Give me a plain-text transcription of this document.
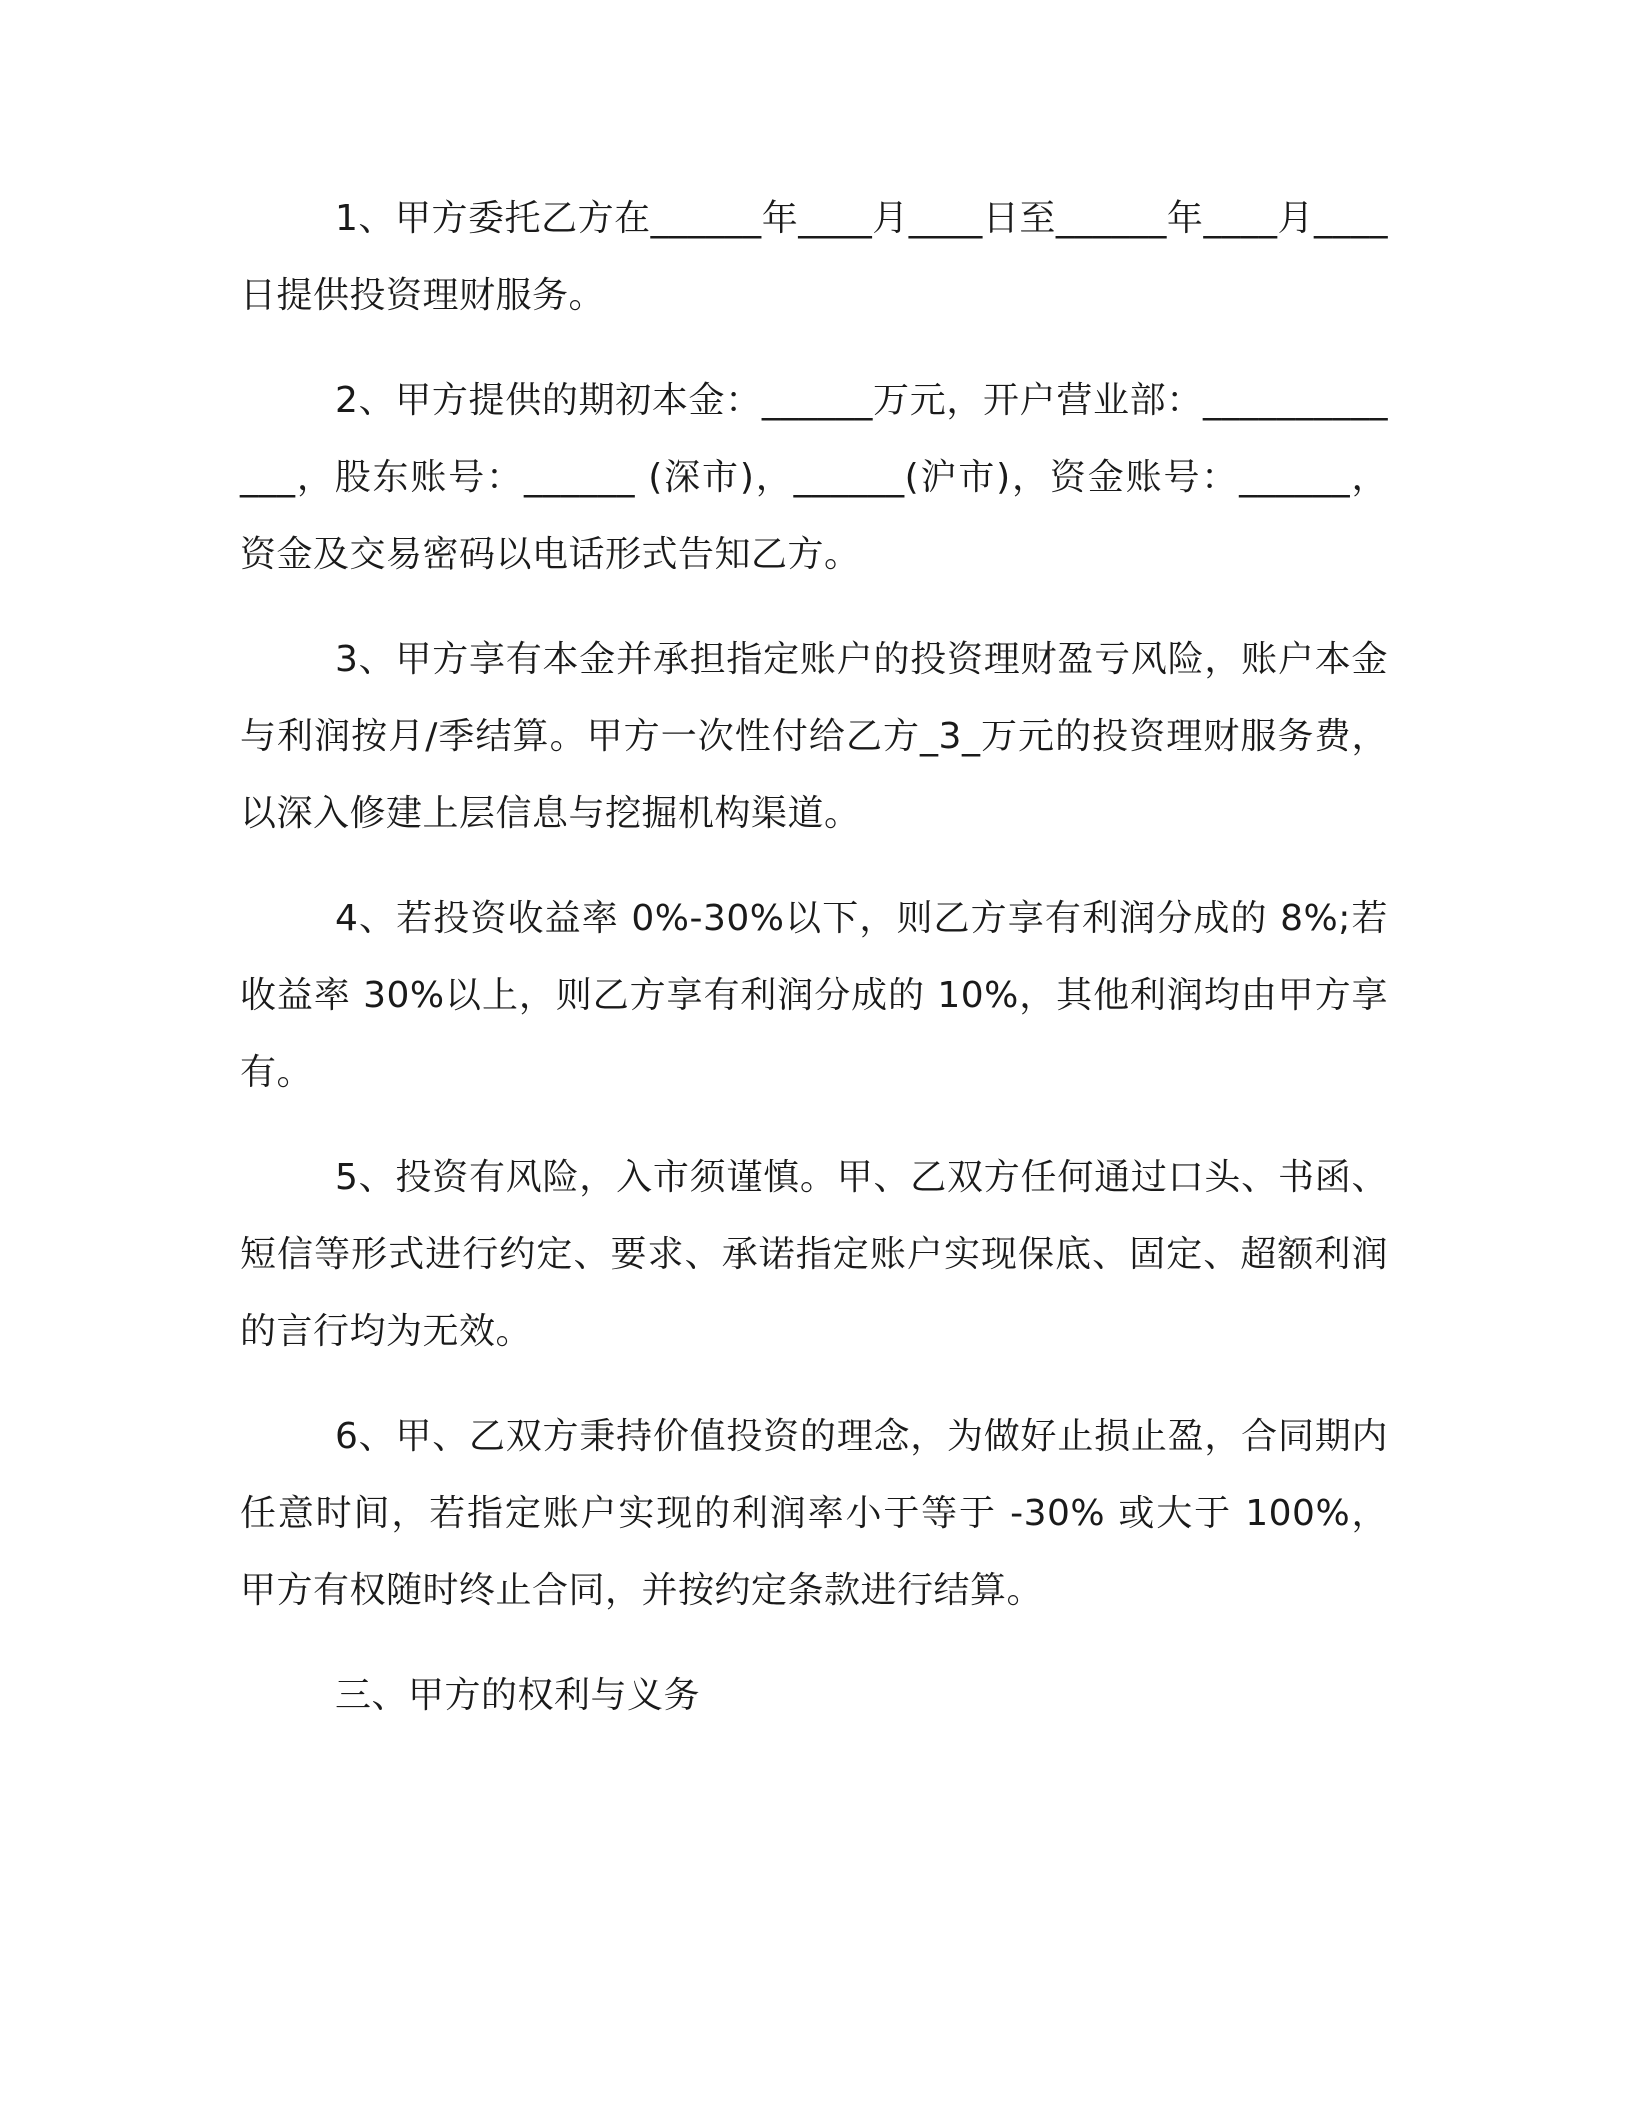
1、甲方委托乙方在______年____月____日至______年____月____日提供投资理财服务。

2、甲方提供的期初本金：______万元，开户营业部：_____________，股东账号：______ (深市)，______(沪市)，资金账号：______，资金及交易密码以电话形式告知乙方。

3、甲方享有本金并承担指定账户的投资理财盈亏风险，账户本金与利润按月/季结算。甲方一次性付给乙方_3_万元的投资理财服务费，以深入修建上层信息与挖掘机构渠道。

4、若投资收益率 0%-30%以下，则乙方享有利润分成的 8%;若收益率 30%以上，则乙方享有利润分成的 10%，其他利润均由甲方享有。

5、投资有风险，入市须谨慎。甲、乙双方任何通过口头、书函、短信等形式进行约定、要求、承诺指定账户实现保底、固定、超额利润的言行均为无效。

6、甲、乙双方秉持价值投资的理念，为做好止损止盈，合同期内任意时间，若指定账户实现的利润率小于等于 -30% 或大于 100%，甲方有权随时终止合同，并按约定条款进行结算。

三、甲方的权利与义务
